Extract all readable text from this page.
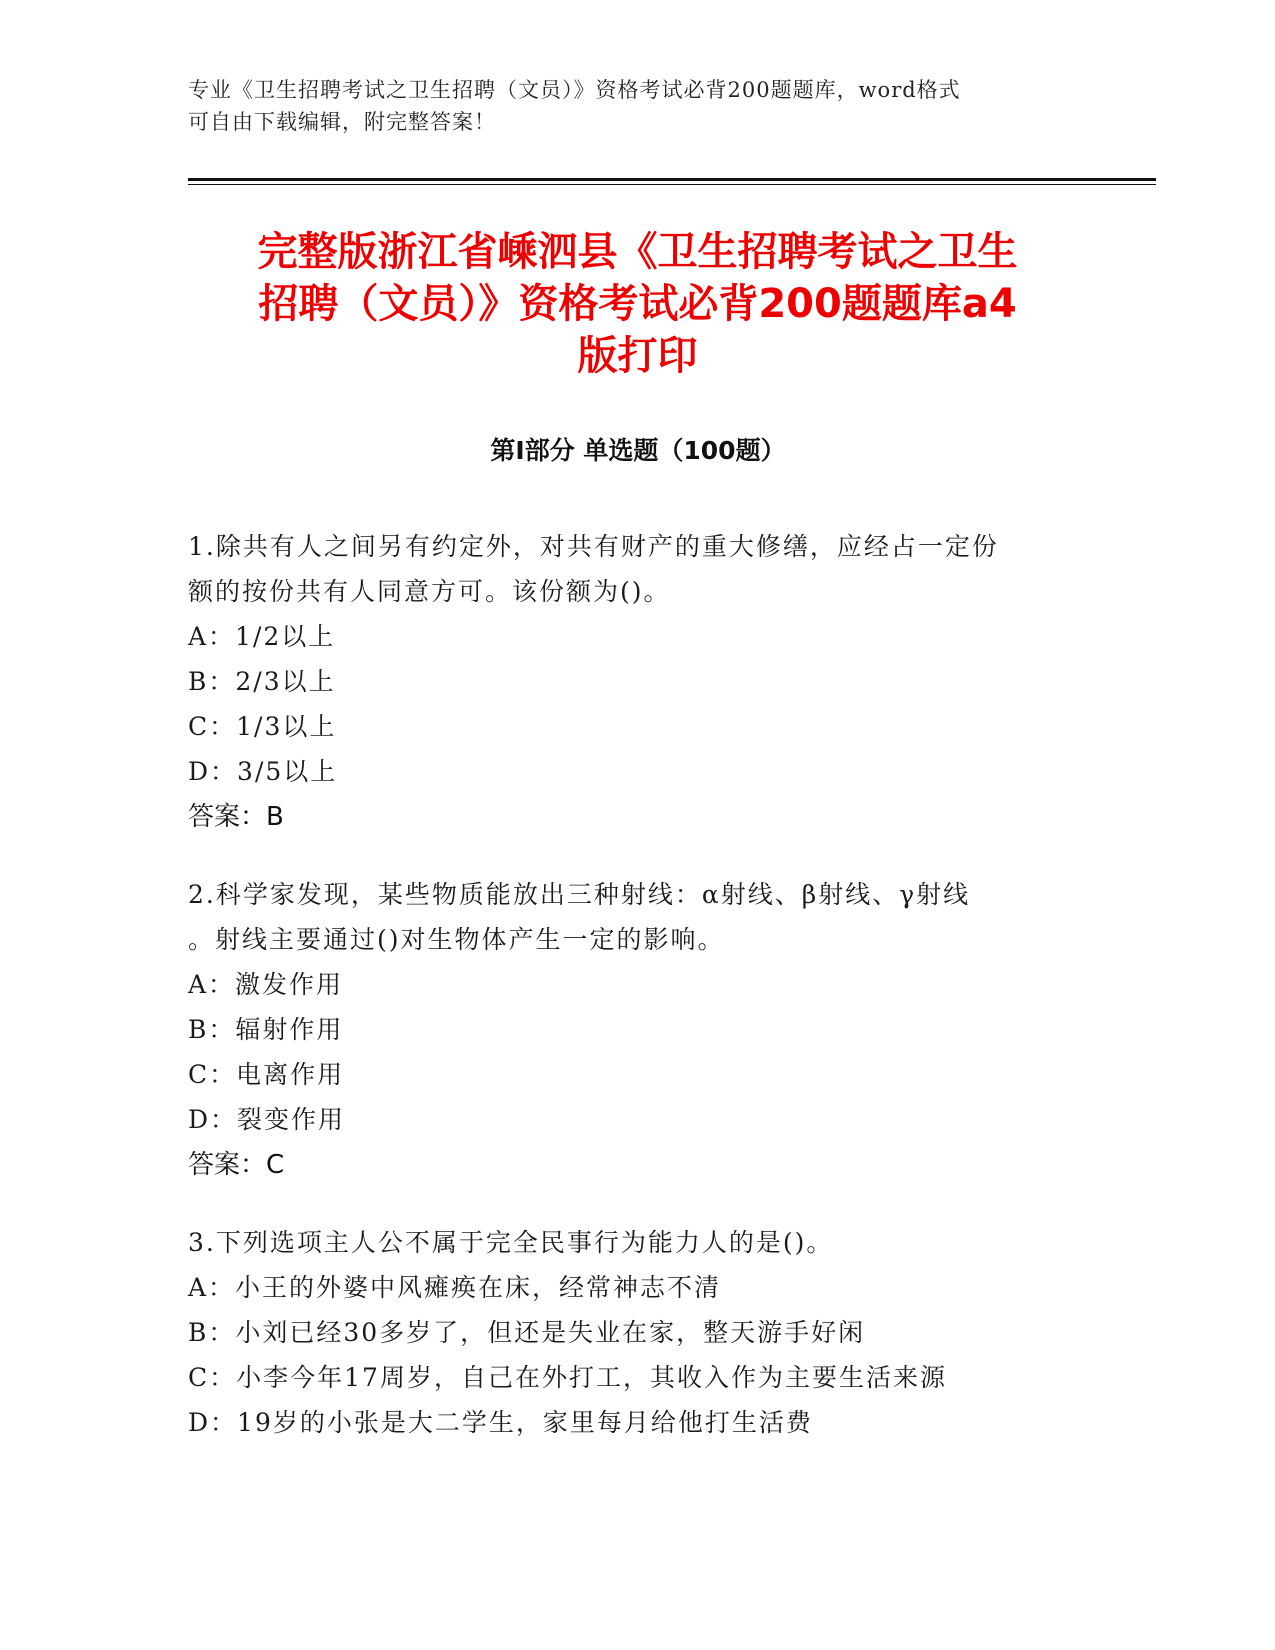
专业《卫生招聘考试之卫生招聘（文员）》资格考试必背200题题库，word格式
可自由下载编辑，附完整答案！
完整版浙江省嵊泗县《卫生招聘考试之卫生
招聘（文员）》资格考试必背200题题库a4
版打印
第Ⅰ部分 单选题（100题）
1.除共有人之间另有约定外，对共有财产的重大修缮，应经占一定份
额的按份共有人同意方可。该份额为()。
A：1/2以上
B：2/3以上
C：1/3以上
D：3/5以上
答案：B
2.科学家发现，某些物质能放出三种射线：α射线、β射线、γ射线
。射线主要通过()对生物体产生一定的影响。
A：激发作用
B：辐射作用
C：电离作用
D：裂变作用
答案：C
3.下列选项主人公不属于完全民事行为能力人的是()。
A：小王的外婆中风瘫痪在床，经常神志不清
B：小刘已经30多岁了，但还是失业在家，整天游手好闲
C：小李今年17周岁，自己在外打工，其收入作为主要生活来源
D：19岁的小张是大二学生，家里每月给他打生活费
